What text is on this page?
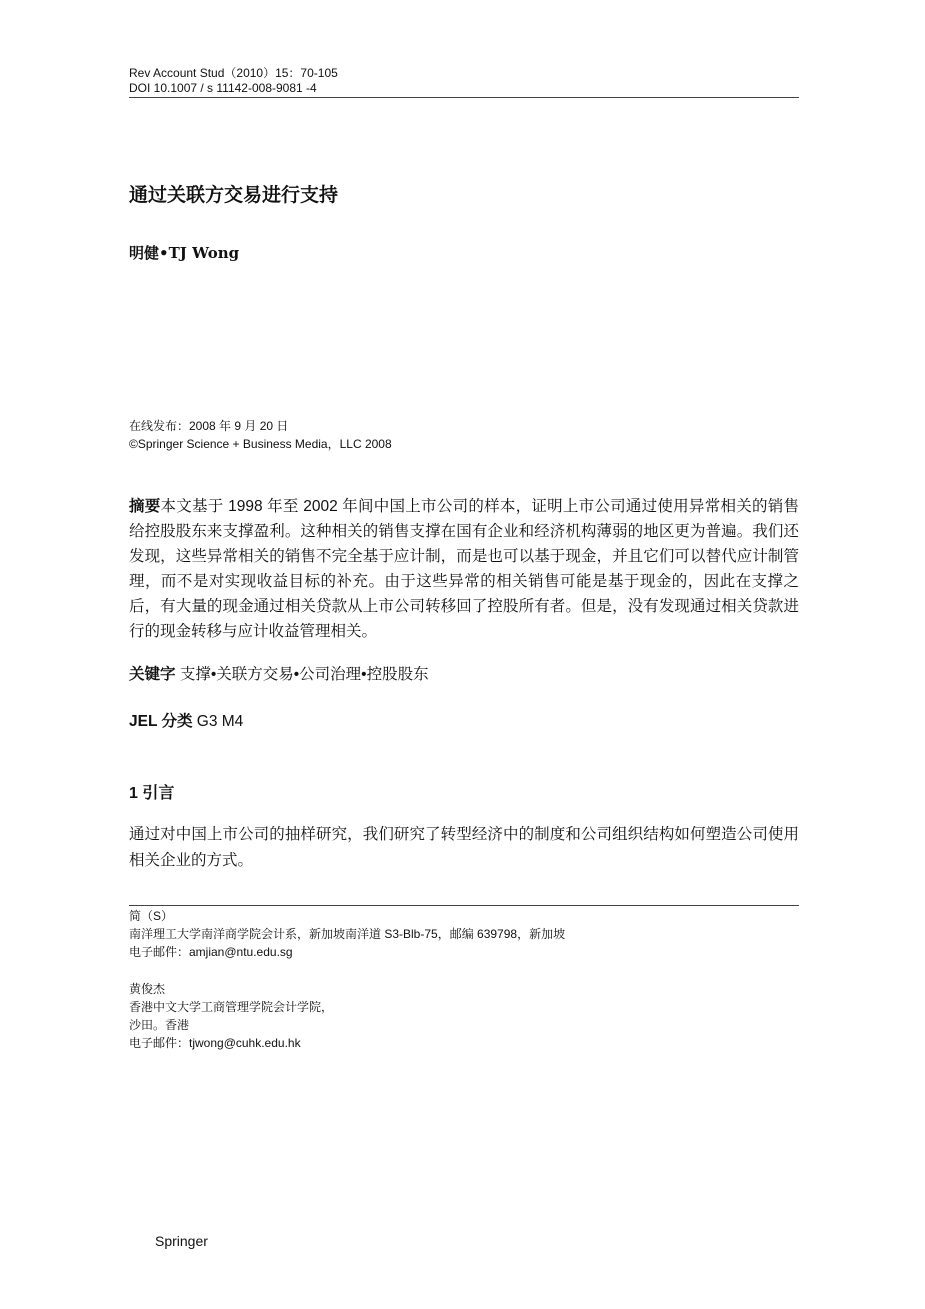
Rev Account Stud（2010）15：70-105
DOI 10.1007 / s 11142-008-9081 -4
通过关联方交易进行支持
明健•TJ Wong
在线发布：2008 年 9 月 20 日
©Springer Science + Business Media，LLC 2008
摘要本文基于 1998 年至 2002 年间中国上市公司的样本，证明上市公司通过使用异常相关的销售给控股股东来支撑盈利。这种相关的销售支撑在国有企业和经济机构薄弱的地区更为普遍。我们还发现，这些异常相关的销售不完全基于应计制，而是也可以基于现金，并且它们可以替代应计制管理，而不是对实现收益目标的补充。由于这些异常的相关销售可能是基于现金的，因此在支撑之后，有大量的现金通过相关贷款从上市公司转移回了控股所有者。但是，没有发现通过相关贷款进行的现金转移与应计收益管理相关。
关键字 支撑•关联方交易•公司治理•控股股东
JEL 分类 G3 M4
1 引言
通过对中国上市公司的抽样研究，我们研究了转型经济中的制度和公司组织结构如何塑造公司使用相关企业的方式。
简（S）
南洋理工大学南洋商学院会计系，新加坡南洋道 S3-Blb-75，邮编 639798，新加坡
电子邮件：amjian@ntu.edu.sg
黄俊杰
香港中文大学工商管理学院会计学院，
沙田。香港
电子邮件：tjwong@cuhk.edu.hk
Springer
